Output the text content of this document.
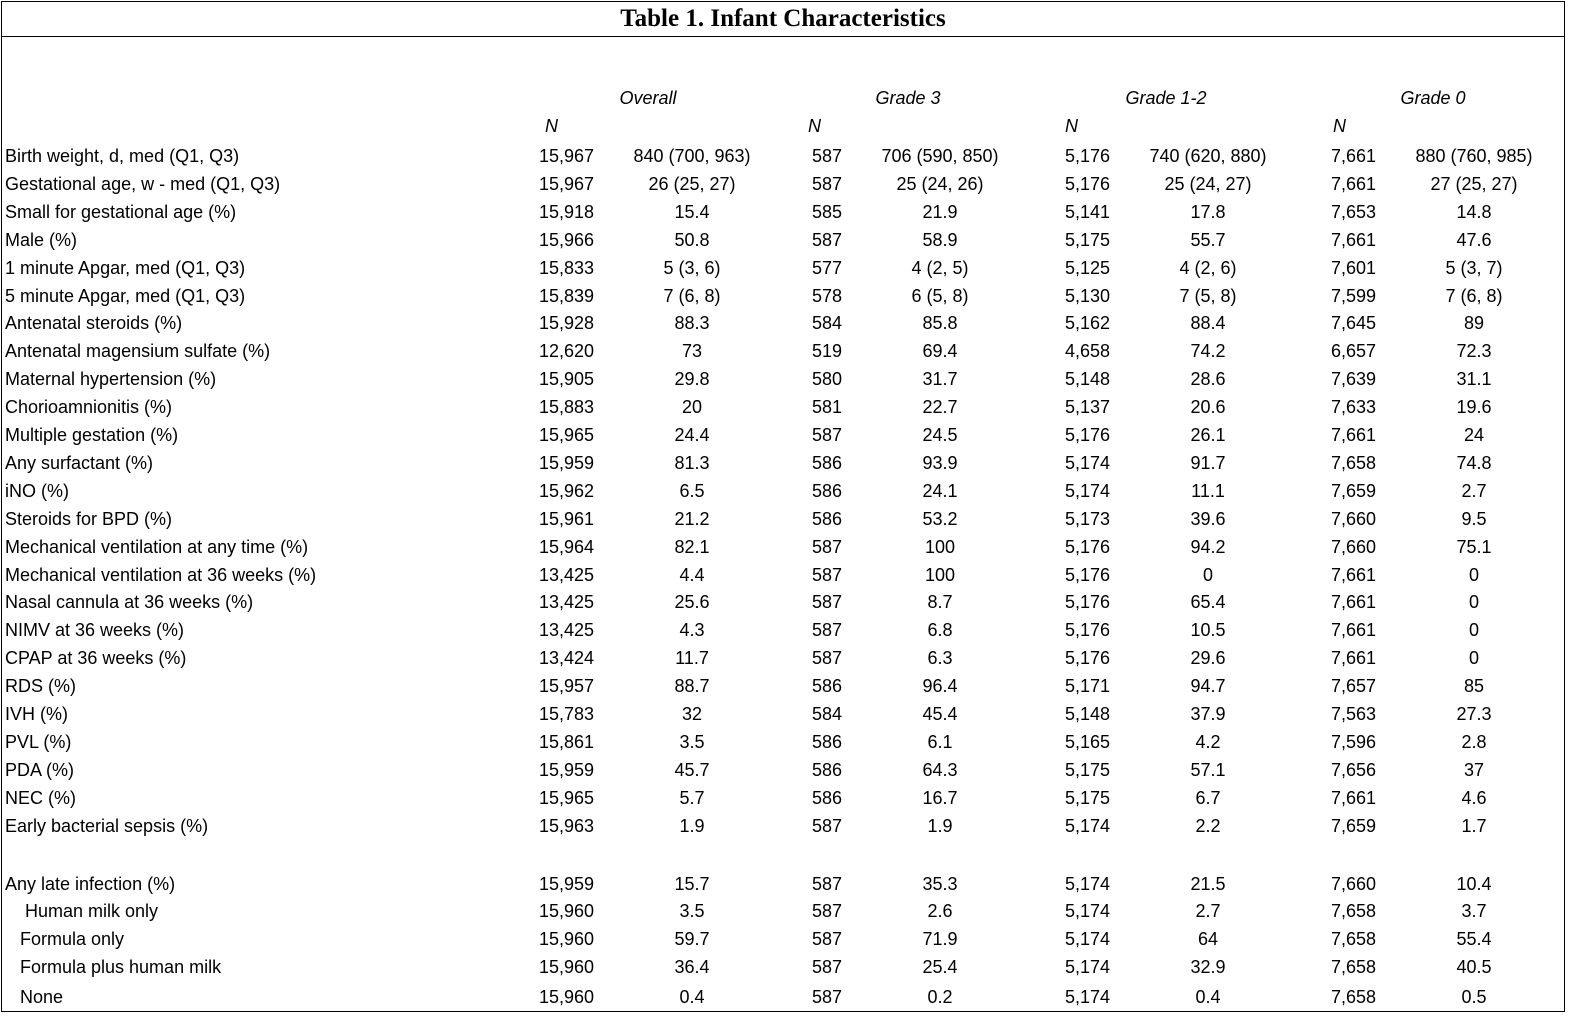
Table 1. Infant Characteristics
Overall	Grade 3	Grade 1-2	Grade 0
N	N	N	N
Birth weight, d, med (Q1, Q3)	15,967	840 (700, 963)	587	706 (590, 850)	5,176	740 (620, 880)	7,661	880 (760, 985)
Gestational age, w - med (Q1, Q3)	15,967	26 (25, 27)	587	25 (24, 26)	5,176	25 (24, 27)	7,661	27 (25, 27)
Small for gestational age (%)	15,918	15.4	585	21.9	5,141	17.8	7,653	14.8
Male (%)	15,966	50.8	587	58.9	5,175	55.7	7,661	47.6
1 minute Apgar, med (Q1, Q3)	15,833	5 (3, 6)	577	4 (2, 5)	5,125	4 (2, 6)	7,601	5 (3, 7)
5 minute Apgar, med (Q1, Q3)	15,839	7 (6, 8)	578	6 (5, 8)	5,130	7 (5, 8)	7,599	7 (6, 8)
Antenatal steroids (%)	15,928	88.3	584	85.8	5,162	88.4	7,645	89
Antenatal magensium sulfate (%)	12,620	73	519	69.4	4,658	74.2	6,657	72.3
Maternal hypertension (%)	15,905	29.8	580	31.7	5,148	28.6	7,639	31.1
Chorioamnionitis (%)	15,883	20	581	22.7	5,137	20.6	7,633	19.6
Multiple gestation (%)	15,965	24.4	587	24.5	5,176	26.1	7,661	24
Any surfactant (%)	15,959	81.3	586	93.9	5,174	91.7	7,658	74.8
iNO (%)	15,962	6.5	586	24.1	5,174	11.1	7,659	2.7
Steroids for BPD (%)	15,961	21.2	586	53.2	5,173	39.6	7,660	9.5
Mechanical ventilation at any time (%)	15,964	82.1	587	100	5,176	94.2	7,660	75.1
Mechanical ventilation at 36 weeks (%)	13,425	4.4	587	100	5,176	0	7,661	0
Nasal cannula at 36 weeks (%)	13,425	25.6	587	8.7	5,176	65.4	7,661	0
NIMV at 36 weeks (%)	13,425	4.3	587	6.8	5,176	10.5	7,661	0
CPAP at 36 weeks (%)	13,424	11.7	587	6.3	5,176	29.6	7,661	0
RDS (%)	15,957	88.7	586	96.4	5,171	94.7	7,657	85
IVH (%)	15,783	32	584	45.4	5,148	37.9	7,563	27.3
PVL (%)	15,861	3.5	586	6.1	5,165	4.2	7,596	2.8
PDA (%)	15,959	45.7	586	64.3	5,175	57.1	7,656	37
NEC (%)	15,965	5.7	586	16.7	5,175	6.7	7,661	4.6
Early bacterial sepsis (%)	15,963	1.9	587	1.9	5,174	2.2	7,659	1.7
Any late infection (%)	15,959	15.7	587	35.3	5,174	21.5	7,660	10.4
Human milk only	15,960	3.5	587	2.6	5,174	2.7	7,658	3.7
Formula only	15,960	59.7	587	71.9	5,174	64	7,658	55.4
Formula plus human milk	15,960	36.4	587	25.4	5,174	32.9	7,658	40.5
None	15,960	0.4	587	0.2	5,174	0.4	7,658	0.5
